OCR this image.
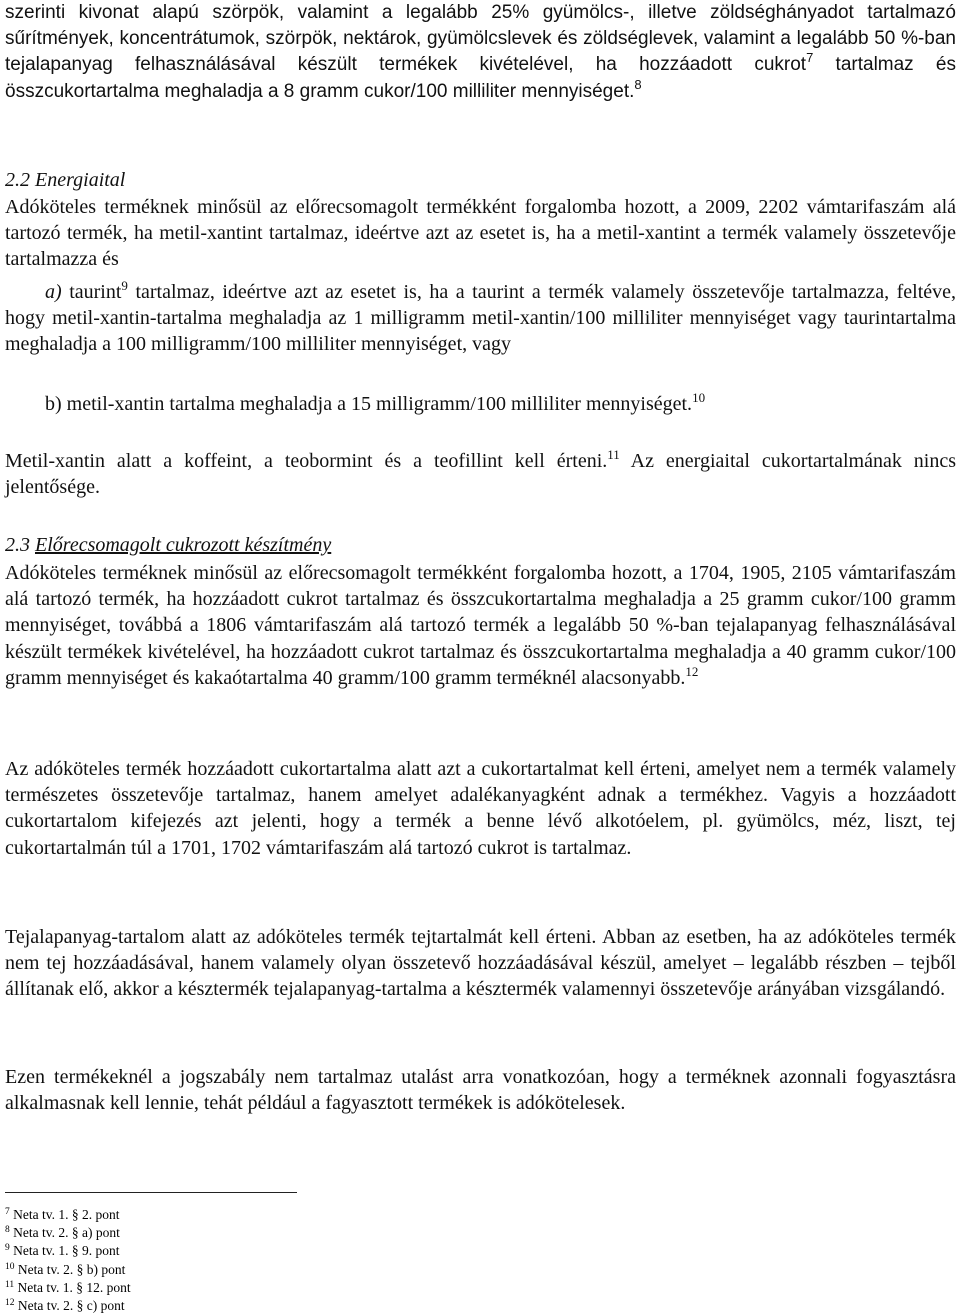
szerinti kivonat alapú szörpök, valamint a legalább 25% gyümölcs-, illetve zöldséghányadot tartalmazó sűrítmények, koncentrátumok, szörpök, nektárok, gyümölcslevek és zöldséglevek, valamint a legalább 50 %-ban tejalapanyag felhasználásával készült termékek kivételével, ha hozzáadott cukrot$^7$ tartalmaz és összcukortartalma meghaladja a 8 gramm cukor/100 milliliter mennyiséget.$^8$

2.2 Energiaital

Adóköteles terméknek minősül az előrecsomagolt termékként forgalomba hozott, a 2009, 2202 vámtarifaszám alá tartozó termék, ha metil-xantint tartalmaz, ideértve azt az esetet is, ha a metil-xantint a termék valamely összetevője tartalmazza és

a) taurint$^9$ tartalmaz, ideértve azt az esetet is, ha a taurint a termék valamely összetevője tartalmazza, feltéve, hogy metil-xantin-tartalma meghaladja az 1 milligramm metil-xantin/100 milliliter mennyiséget vagy taurintartalma meghaladja a 100 milligramm/100 milliliter mennyiséget, vagy

b) metil-xantin tartalma meghaladja a 15 milligramm/100 milliliter mennyiséget.$^{10}$

Metil-xantin alatt a koffeint, a teobormint és a teofillint kell érteni.$^{11}$ Az energiaital cukortartalmának nincs jelentősége.

2.3 Előrecsomagolt cukrozott készítmény

Adóköteles terméknek minősül az előrecsomagolt termékként forgalomba hozott, a 1704, 1905, 2105 vámtarifaszám alá tartozó termék, ha hozzáadott cukrot tartalmaz és összcukortartalma meghaladja a 25 gramm cukor/100 gramm mennyiséget, továbbá a 1806 vámtarifaszám alá tartozó termék a legalább 50 %-ban tejalapanyag felhasználásával készült termékek kivételével, ha hozzáadott cukrot tartalmaz és összcukortartalma meghaladja a 40 gramm cukor/100 gramm mennyiséget és kakaótartalma 40 gramm/100 gramm terméknél alacsonyabb.$^{12}$

Az adóköteles termék hozzáadott cukortartalma alatt azt a cukortartalmat kell érteni, amelyet nem a termék valamely természetes összetevője tartalmaz, hanem amelyet adalékanyagként adnak a termékhez. Vagyis a hozzáadott cukortartalom kifejezés azt jelenti, hogy a termék a benne lévő alkotóelem, pl. gyümölcs, méz, liszt, tej cukortartalmán túl a 1701, 1702 vámtarifaszám alá tartozó cukrot is tartalmaz.

Tejalapanyag-tartalom alatt az adóköteles termék tejtartalmát kell érteni. Abban az esetben, ha az adóköteles termék nem tej hozzáadásával, hanem valamely olyan összetevő hozzáadásával készül, amelyet – legalább részben – tejből állítanak elő, akkor a késztermék tejalapanyag-tartalma a késztermék valamennyi összetevője arányában vizsgálandó.

Ezen termékeknél a jogszabály nem tartalmaz utalást arra vonatkozóan, hogy a terméknek azonnali fogyasztásra alkalmasnak kell lennie, tehát például a fagyasztott termékek is adókötelesek.

$^7$ Neta tv. 1. § 2. pont
$^8$ Neta tv. 2. § a) pont
$^9$ Neta tv. 1. § 9. pont
$^{10}$ Neta tv. 2. § b) pont
$^{11}$ Neta tv. 1. § 12. pont
$^{12}$ Neta tv. 2. § c) pont
